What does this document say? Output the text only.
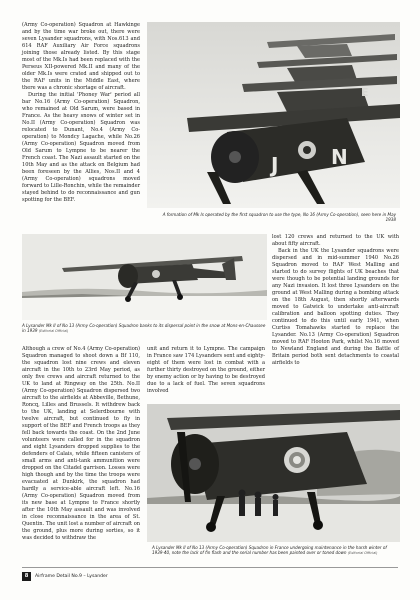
(Army Co-operation) Squadron at Hawkinge and by the time war broke out, there were seven Lysander squadrons, with Nos.613 and 614 RAF Auxiliary Air Force squadrons joining those already listed. By this stage most of the Mk.Is had been replaced with the Perseus XII-powered Mk.II and many of the older Mk.Is were crated and shipped out to the RAF units in the Middle East, where there was a chronic shortage of aircraft.

During the initial 'Phoney War' period all bar No.16 (Army Co-operation) Squadron, who remained at Old Sarum, were based in France. As the heavy snows of winter set in No.II (Army Co-operation) Squadron was relocated to Dunant, No.4 (Army Co-operation) to Mondcy Lagache, while No.26 (Army Co-operation) Squadron moved from Old Sarum to Lympne to be nearer the French coast. The Nazi assault started on the 10th May and as the attack on Belgium had been foreseen by the Allies, Nos.II and 4 (Army Co-operation) squadrons moved forward to Lille-Ronchin, while the remainder stayed behind to do reconnaissance and gun spotting for the BEF.

J	N
E
A formation of Mk Is operated by the first squadron to use the type, No 16 (Army Co-operation), seen here in May 1938
A Lysander Mk II of No 13 (Army Co-operation) Squadron banks to its dispersal point in the snow at Mons-en-Chaussee in 1939 (Editorial Official)

Although a crew of No.4 (Army Co-operation) Squadron managed to shoot down a Bf 110, the squadron lost nine crews and eleven aircraft in the 10th to 23rd May period, as only five crews and aircraft returned to the UK to land at Ringway on the 25th. No.II (Army Co-operation) Squadron dispersed two aircraft to the airfields at Abbeville, Bethune, Roncq, Lilles and Brussels. It withdrew back to the UK, landing at Selerdbourne with twelve aircraft, but continued to fly in support of the BEF and French troops as they fell back towards the coast. On the 2nd June volunteers were called for in the squadron and eight Lysanders dropped supplies to the defenders of Calais, while fifteen canisters of small arms and anti-tank ammunition were dropped on the Citadel garrison. Losses were high though and by the time the troops were evacuated at Dunkirk, the squadron had hardly a service-able aircraft left. No.16 (Army Co-operation) Squadron moved from its new base at Lympne to France shortly after the 10th May assault and was involved in close reconnaissance in the area of St. Quentin. The unit lost a number of aircraft on the ground, plus more during sorties, so it was decided to withdraw the

unit and return it to Lympne. The campaign in France saw 174 Lysanders sent and eighty-eight of them were lost in combat with a further thirty destroyed on the ground, either by enemy action or by having to be destroyed due to a lack of fuel. The seven squadrons involved

lost 120 crews and returned to the UK with about fifty aircraft.

Back in the UK the Lysander squadrons were dispersed and in mid-summer 1940 No.26 Squadron moved to RAF West Malling and started to do survey flights of UK beaches that were though to be potential landing grounds for any Nazi invasion. It lost three Lysanders on the ground at West Malling during a bombing attack on the 18th August, then shortly afterwards moved to Gatwick to undertake anti-aircraft calibration and balloon spotting duties. They continued to do this until early 1941, when Curtiss Tomahawks started to replace the Lysander. No.13 (Army Co-operation) Squadron moved to RAF Hooton Park, whilst No.16 moved to Newland England and during the Battle of Britain period both sent detachments to coastal airfields to

A Lysander Mk II of No 13 (Army Co-operation) Squadron in France undergoing maintenance in the harsh winter of 1939-40, note the lack of fin flash and the serial number has been painted over or toned down (Editorial Official)
8	Airframe Detail No.9 – Lysander
